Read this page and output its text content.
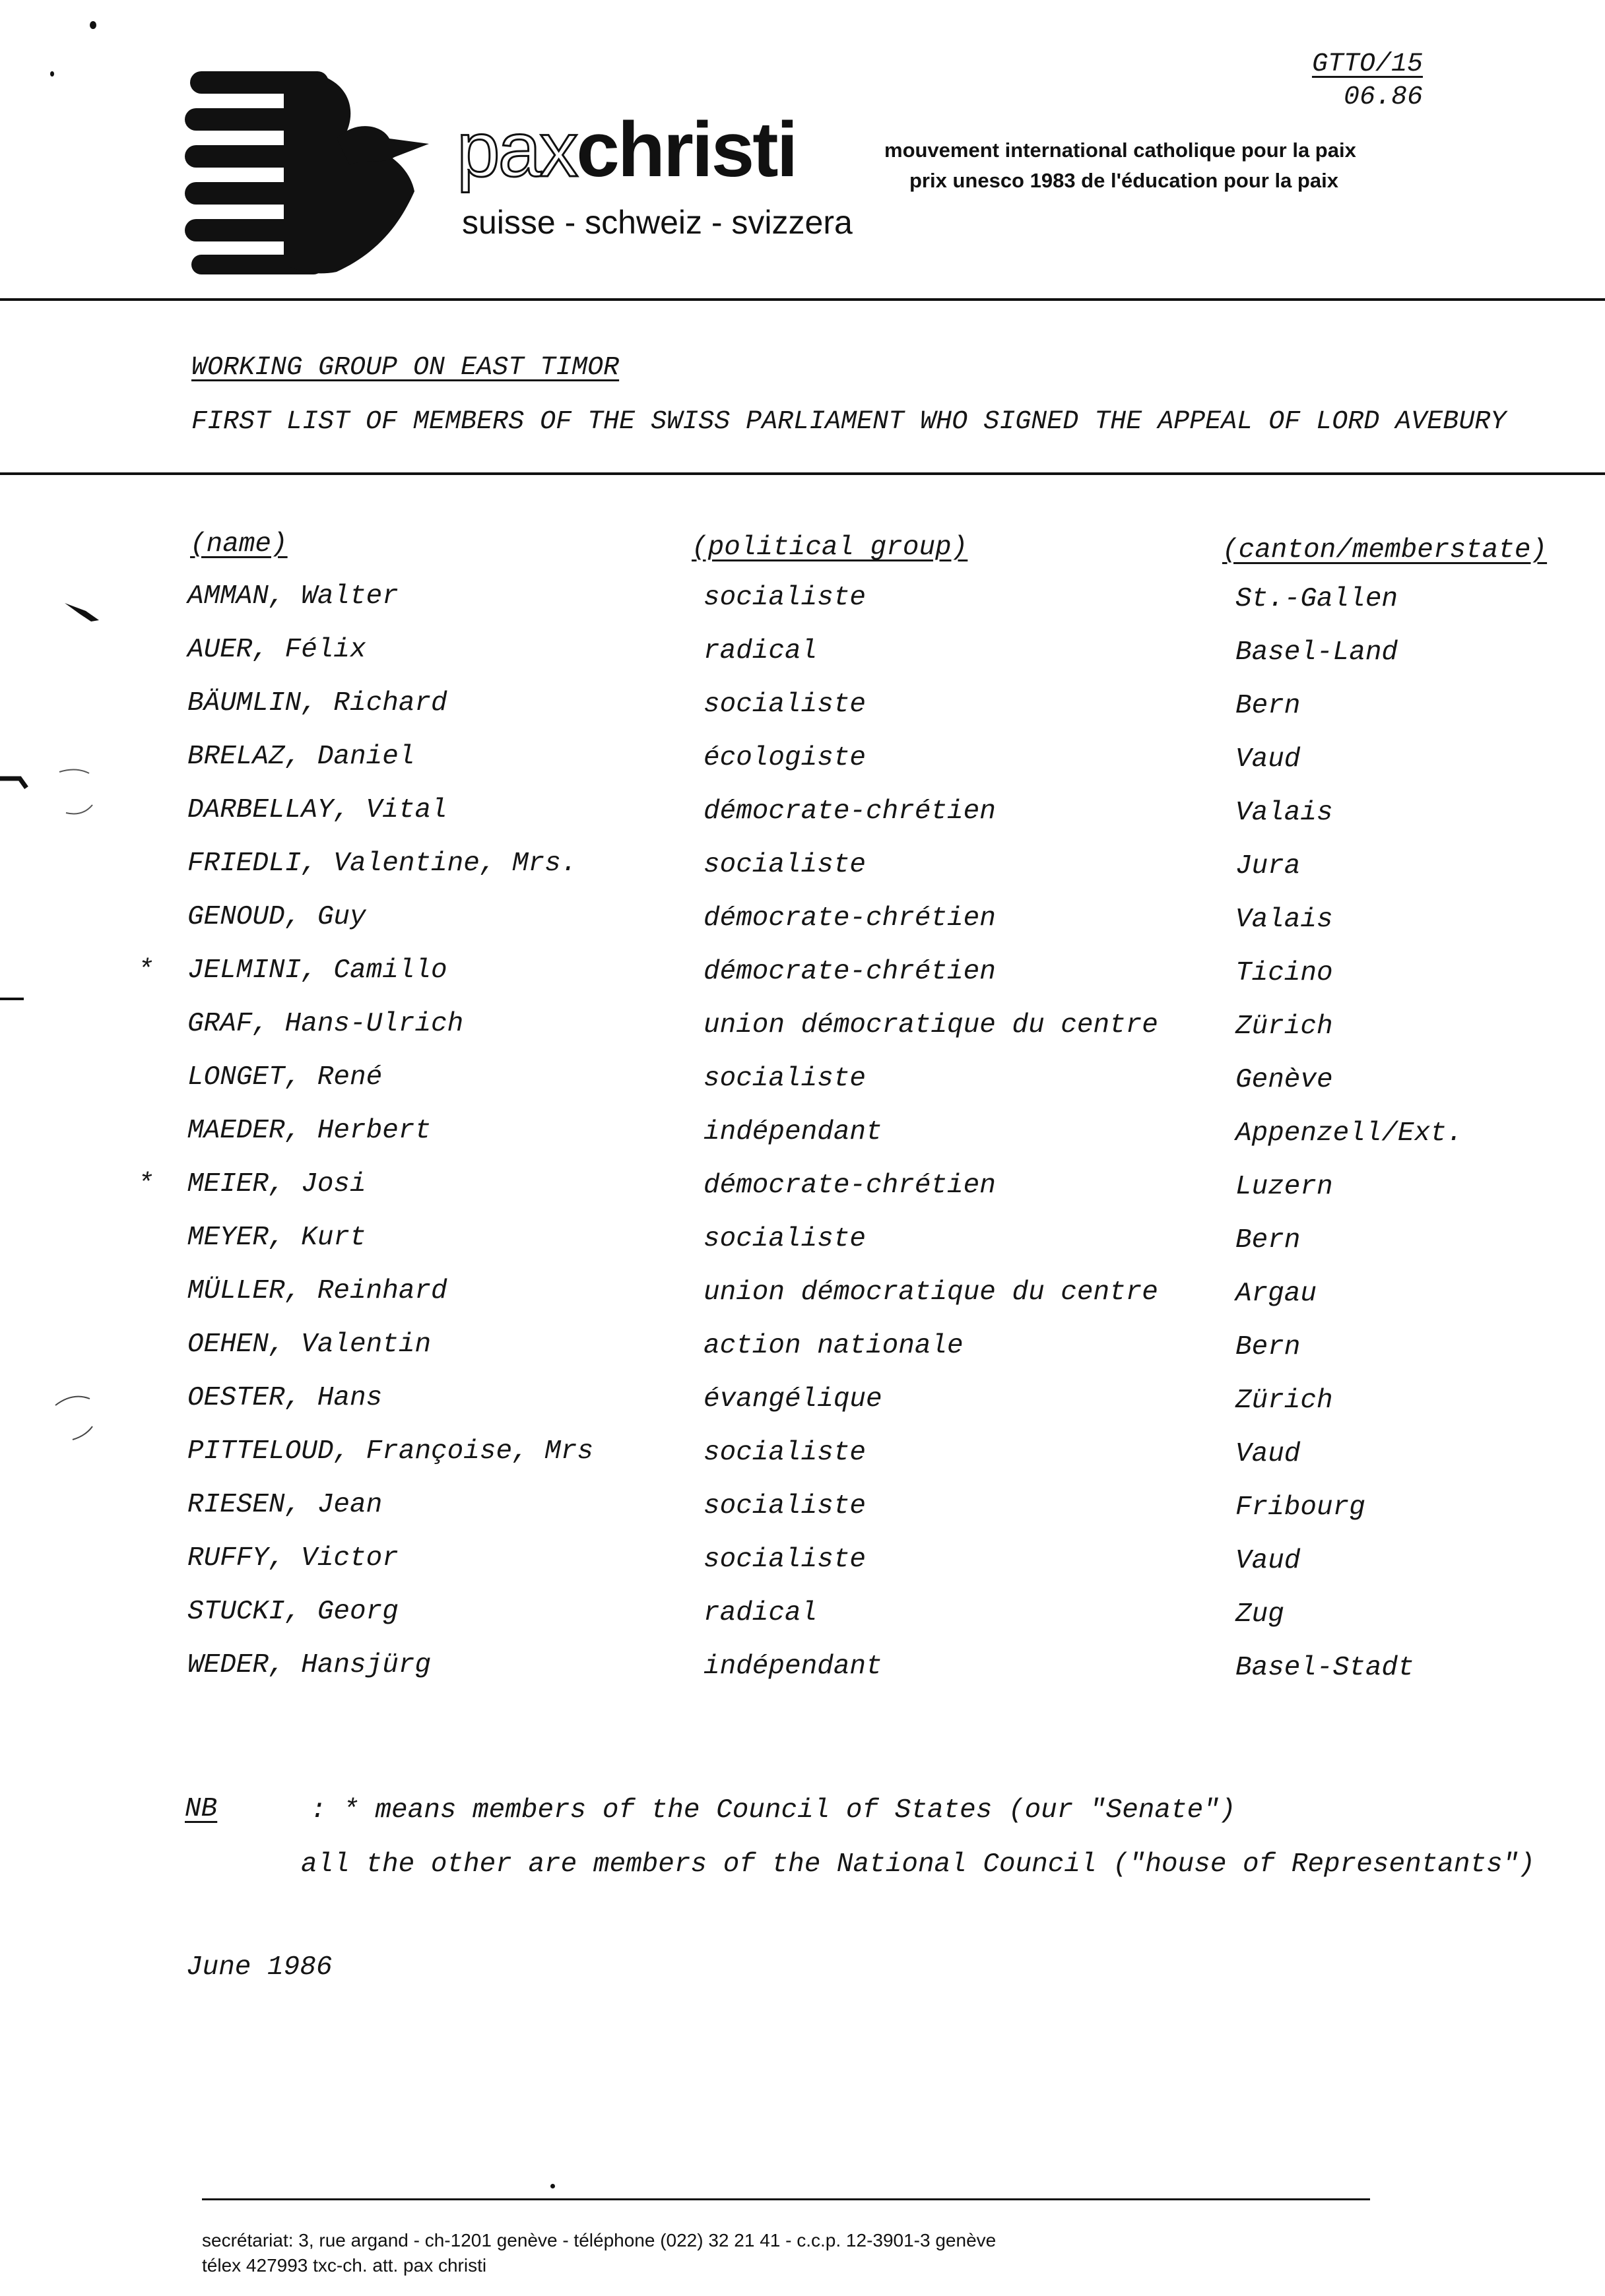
GTTO/15
06.86
paxchristi
suisse - schweiz - svizzera
mouvement international catholique pour la paix
prix unesco 1983 de l'éducation pour la paix
WORKING GROUP ON EAST TIMOR
FIRST LIST OF MEMBERS OF THE SWISS PARLIAMENT WHO SIGNED THE APPEAL OF LORD AVEBURY
(name)	(political group)	(canton/memberstate)
AMMAN, Walter	socialiste	St.-Gallen
AUER, Félix	radical	Basel-Land
BÄUMLIN, Richard	socialiste	Bern
BRELAZ, Daniel	écologiste	Vaud
DARBELLAY, Vital	démocrate-chrétien	Valais
FRIEDLI, Valentine, Mrs.	socialiste	Jura
GENOUD, Guy	démocrate-chrétien	Valais
* JELMINI, Camillo	démocrate-chrétien	Ticino
GRAF, Hans-Ulrich	union démocratique du centre	Zürich
LONGET, René	socialiste	Genève
MAEDER, Herbert	indépendant	Appenzell/Ext.
* MEIER, Josi	démocrate-chrétien	Luzern
MEYER, Kurt	socialiste	Bern
MÜLLER, Reinhard	union démocratique du centre	Argau
OEHEN, Valentin	action nationale	Bern
OESTER, Hans	évangélique	Zürich
PITTELOUD, Françoise, Mrs	socialiste	Vaud
RIESEN, Jean	socialiste	Fribourg
RUFFY, Victor	socialiste	Vaud
STUCKI, Georg	radical	Zug
WEDER, Hansjürg	indépendant	Basel-Stadt
NB	: * means members of the Council of States (our "Senate")
all the other are members of the National Council ("house of Representants")
June 1986
secrétariat: 3, rue argand - ch-1201 genève - téléphone (022) 32 21 41 - c.c.p. 12-3901-3 genève
télex 427993 txc-ch. att. pax christi
